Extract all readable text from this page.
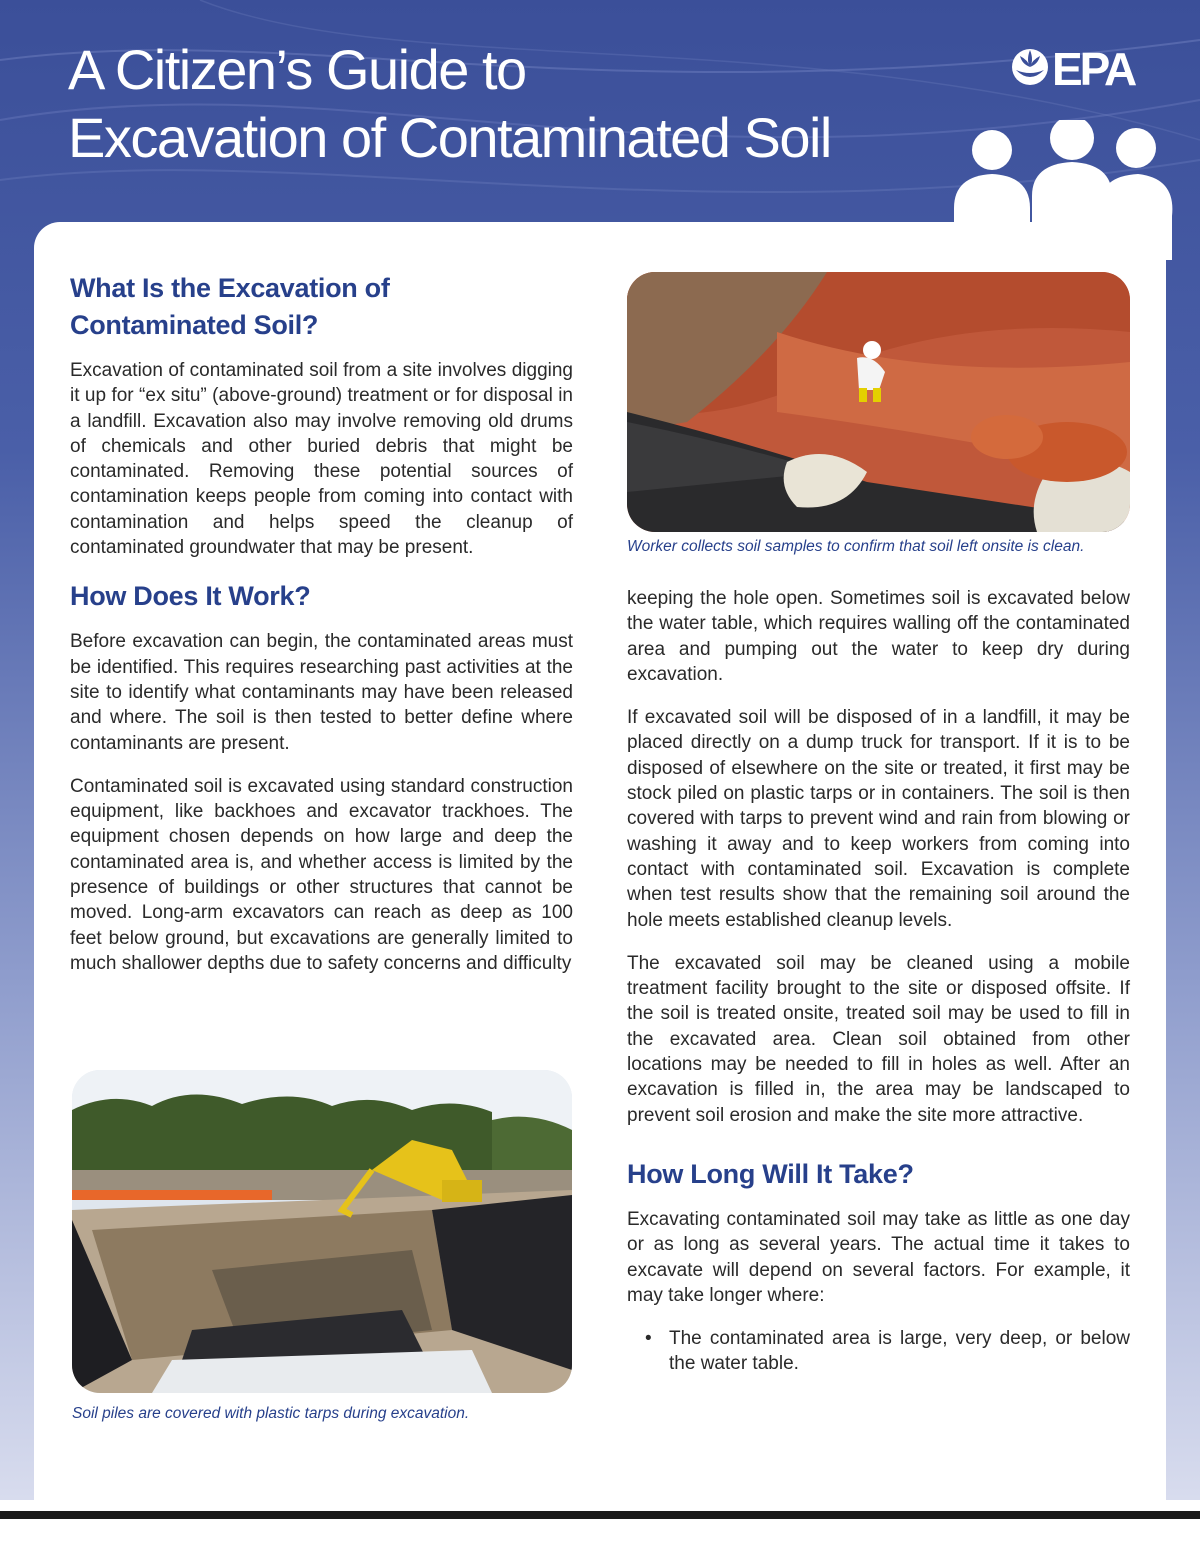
A Citizen’s Guide to
Excavation of Contaminated Soil
EPA
What Is the Excavation of Contaminated Soil?

Excavation of contaminated soil from a site involves digging it up for “ex situ” (above-ground) treatment or for disposal in a landfill. Excavation also may involve removing old drums of chemicals and other buried debris that might be contaminated. Removing these potential sources of contamination keeps people from coming into contact with contamination and helps speed the cleanup of contaminated groundwater that may be present.

How Does It Work?

Before excavation can begin, the contaminated areas must be identified. This requires researching past activities at the site to identify what contaminants may have been released and where. The soil is then tested to better define where contaminants are present.

Contaminated soil is excavated using standard construction equipment, like backhoes and excavator trackhoes. The equipment chosen depends on how large and deep the contaminated area is, and whether access is limited by the presence of buildings or other structures that cannot be moved. Long-arm excavators can reach as deep as 100 feet below ground, but excavations are generally limited to much shallower depths due to safety concerns and difficulty

Worker collects soil samples to confirm that soil left onsite is clean.

keeping the hole open. Sometimes soil is excavated below the water table, which requires walling off the contaminated area and pumping out the water to keep dry during excavation.

If excavated soil will be disposed of in a landfill, it may be placed directly on a dump truck for transport. If it is to be disposed of elsewhere on the site or treated, it first may be stock piled on plastic tarps or in containers. The soil is then covered with tarps to prevent wind and rain from blowing or washing it away and to keep workers from coming into contact with contaminated soil. Excavation is complete when test results show that the remaining soil around the hole meets established cleanup levels.

The excavated soil may be cleaned using a mobile treatment facility brought to the site or disposed offsite. If the soil is treated onsite, treated soil may be used to fill in the excavated area. Clean soil obtained from other locations may be needed to fill in holes as well. After an excavation is filled in, the area may be landscaped to prevent soil erosion and make the site more attractive.

How Long Will It Take?

Excavating contaminated soil may take as little as one day or as long as several years. The actual time it takes to excavate will depend on several factors. For example, it may take longer where:

• The contaminated area is large, very deep, or below the water table.
Soil piles are covered with plastic tarps during excavation.
